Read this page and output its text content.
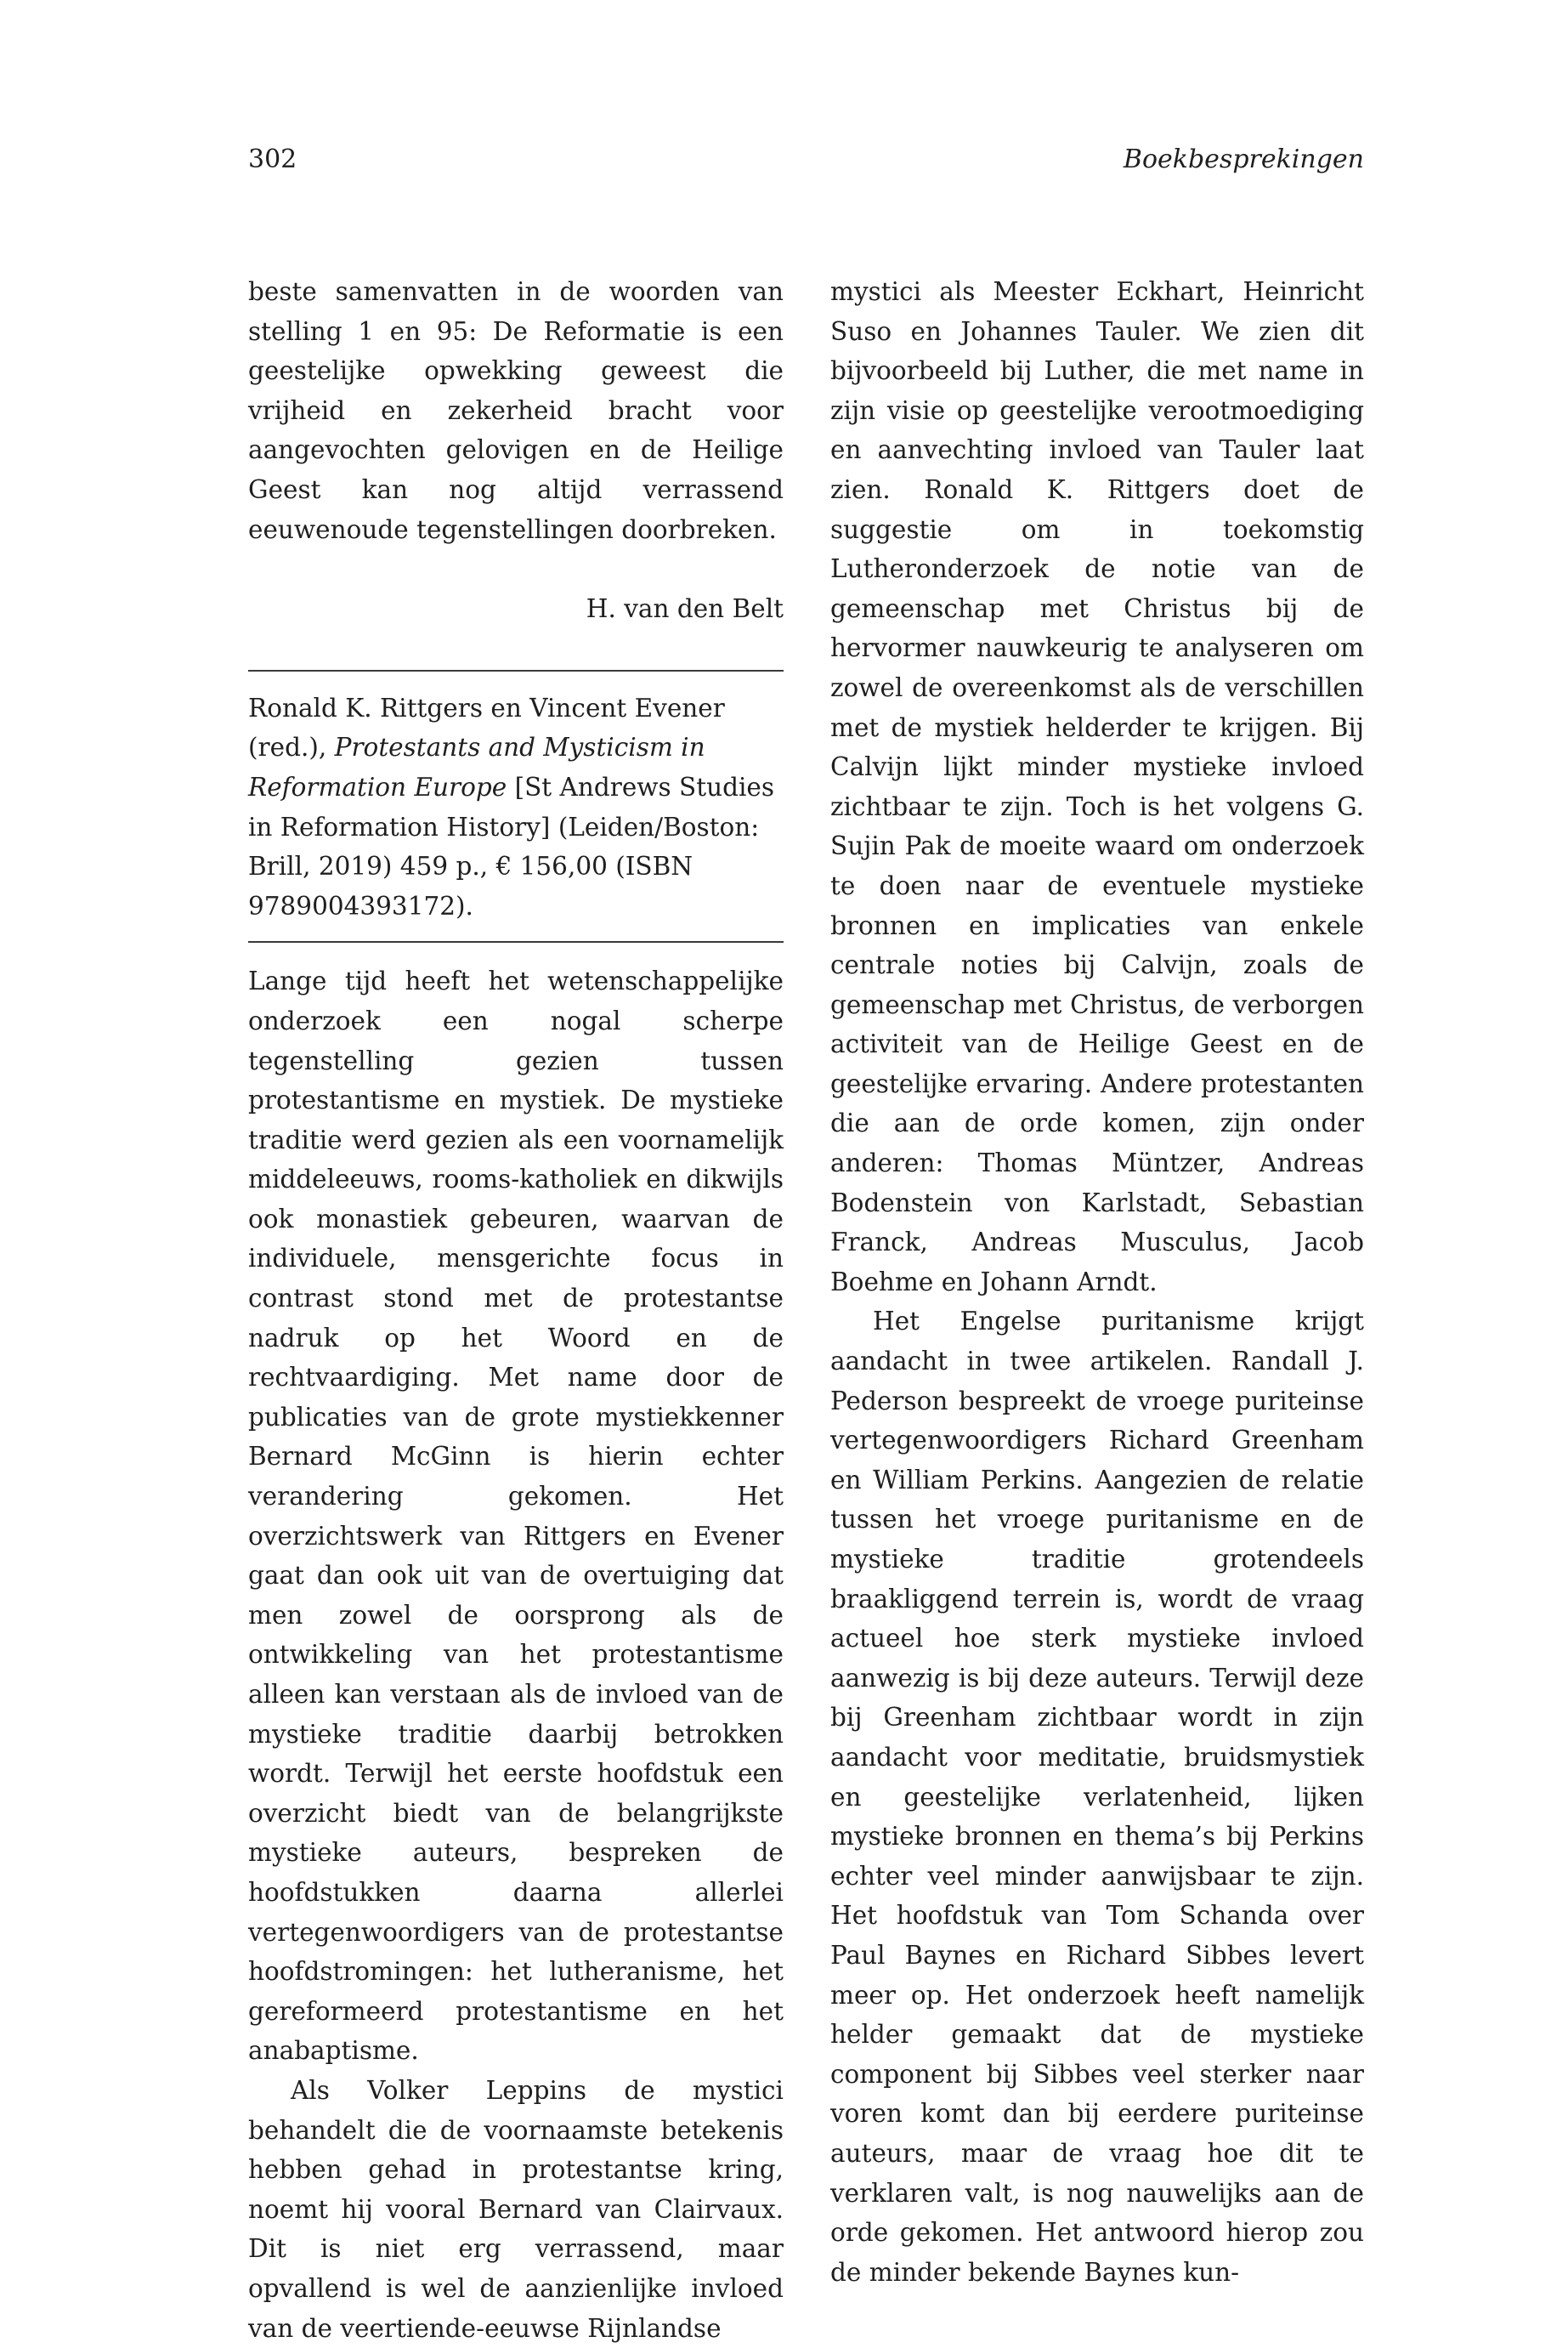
302	Boekbesprekingen

beste samenvatten in de woorden van stelling 1 en 95: De Reformatie is een geestelijke opwekking geweest die vrijheid en zekerheid bracht voor aangevochten gelovigen en de Heilige Geest kan nog altijd verrassend eeuwenoude tegenstellingen doorbreken.

H. van den Belt

Ronald K. Rittgers en Vincent Evener (red.), Protestants and Mysticism in Reformation Europe [St Andrews Studies in Reformation History] (Leiden/Boston: Brill, 2019) 459 p., € 156,00 (ISBN 9789004393172).

Lange tijd heeft het wetenschappelijke onderzoek een nogal scherpe tegenstelling gezien tussen protestantisme en mystiek. De mystieke traditie werd gezien als een voornamelijk middeleeuws, rooms-katholiek en dikwijls ook monastiek gebeuren, waarvan de individuele, mensgerichte focus in contrast stond met de protestantse nadruk op het Woord en de rechtvaardiging. Met name door de publicaties van de grote mystiekkenner Bernard McGinn is hierin echter verandering gekomen. Het overzichtswerk van Rittgers en Evener gaat dan ook uit van de overtuiging dat men zowel de oorsprong als de ontwikkeling van het protestantisme alleen kan verstaan als de invloed van de mystieke traditie daarbij betrokken wordt. Terwijl het eerste hoofdstuk een overzicht biedt van de belangrijkste mystieke auteurs, bespreken de hoofdstukken daarna allerlei vertegenwoordigers van de protestantse hoofdstromingen: het lutheranisme, het gereformeerd protestantisme en het anabaptisme.

Als Volker Leppins de mystici behandelt die de voornaamste betekenis hebben gehad in protestantse kring, noemt hij vooral Bernard van Clairvaux. Dit is niet erg verrassend, maar opvallend is wel de aanzienlijke invloed van de veertiende-eeuwse Rijnlandse

mystici als Meester Eckhart, Heinricht Suso en Johannes Tauler. We zien dit bijvoorbeeld bij Luther, die met name in zijn visie op geestelijke verootmoediging en aanvechting invloed van Tauler laat zien. Ronald K. Rittgers doet de suggestie om in toekomstig Lutheronderzoek de notie van de gemeenschap met Christus bij de hervormer nauwkeurig te analyseren om zowel de overeenkomst als de verschillen met de mystiek helderder te krijgen. Bij Calvijn lijkt minder mystieke invloed zichtbaar te zijn. Toch is het volgens G. Sujin Pak de moeite waard om onderzoek te doen naar de eventuele mystieke bronnen en implicaties van enkele centrale noties bij Calvijn, zoals de gemeenschap met Christus, de verborgen activiteit van de Heilige Geest en de geestelijke ervaring. Andere protestanten die aan de orde komen, zijn onder anderen: Thomas Müntzer, Andreas Bodenstein von Karlstadt, Sebastian Franck, Andreas Musculus, Jacob Boehme en Johann Arndt.

Het Engelse puritanisme krijgt aandacht in twee artikelen. Randall J. Pederson bespreekt de vroege puriteinse vertegenwoordigers Richard Greenham en William Perkins. Aangezien de relatie tussen het vroege puritanisme en de mystieke traditie grotendeels braakliggend terrein is, wordt de vraag actueel hoe sterk mystieke invloed aanwezig is bij deze auteurs. Terwijl deze bij Greenham zichtbaar wordt in zijn aandacht voor meditatie, bruidsmystiek en geestelijke verlatenheid, lijken mystieke bronnen en thema’s bij Perkins echter veel minder aanwijsbaar te zijn. Het hoofdstuk van Tom Schanda over Paul Baynes en Richard Sibbes levert meer op. Het onderzoek heeft namelijk helder gemaakt dat de mystieke component bij Sibbes veel sterker naar voren komt dan bij eerdere puriteinse auteurs, maar de vraag hoe dit te verklaren valt, is nog nauwelijks aan de orde gekomen. Het antwoord hierop zou de minder bekende Baynes kun-
